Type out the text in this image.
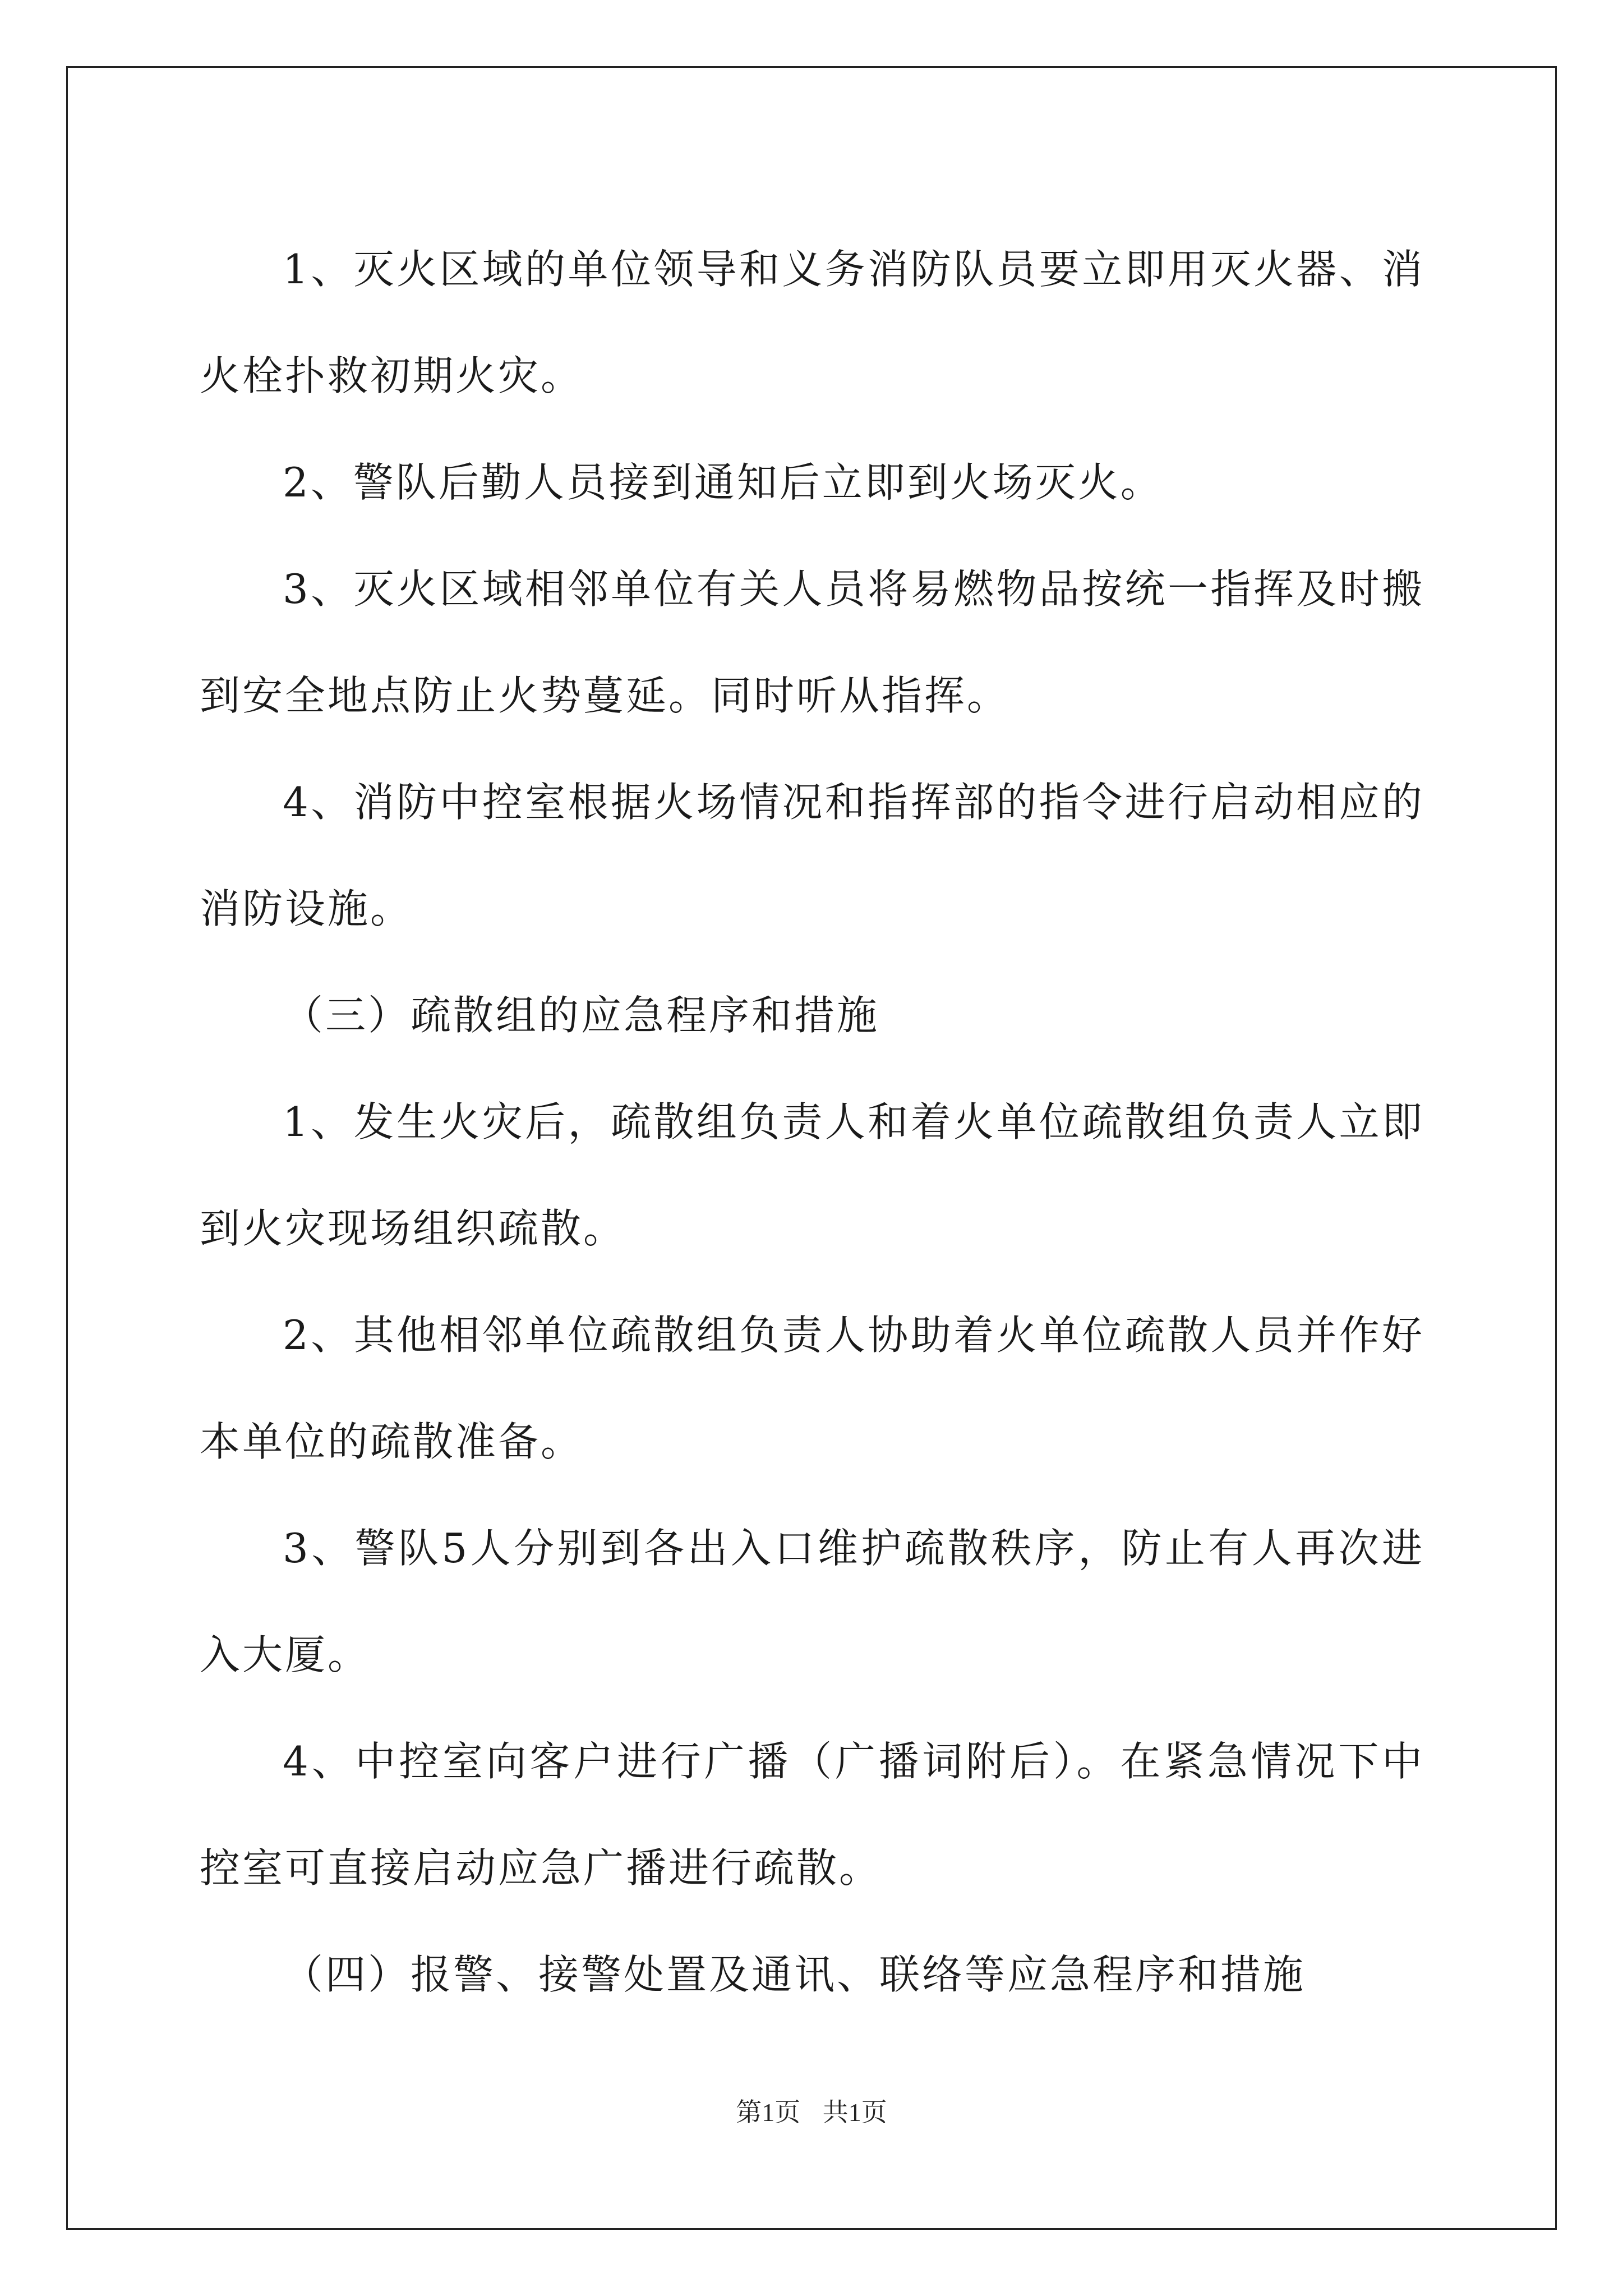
1、灭火区域的单位领导和义务消防队员要立即用灭火器、消火栓扑救初期火灾。

2、警队后勤人员接到通知后立即到火场灭火。

3、灭火区域相邻单位有关人员将易燃物品按统一指挥及时搬到安全地点防止火势蔓延。同时听从指挥。

4、消防中控室根据火场情况和指挥部的指令进行启动相应的消防设施。

（三）疏散组的应急程序和措施

1、发生火灾后，疏散组负责人和着火单位疏散组负责人立即到火灾现场组织疏散。

2、其他相邻单位疏散组负责人协助着火单位疏散人员并作好本单位的疏散准备。

3、警队5人分别到各出入口维护疏散秩序，防止有人再次进入大厦。

4、中控室向客户进行广播（广播词附后）。在紧急情况下中控室可直接启动应急广播进行疏散。

（四）报警、接警处置及通讯、联络等应急程序和措施

第1页 共1页
